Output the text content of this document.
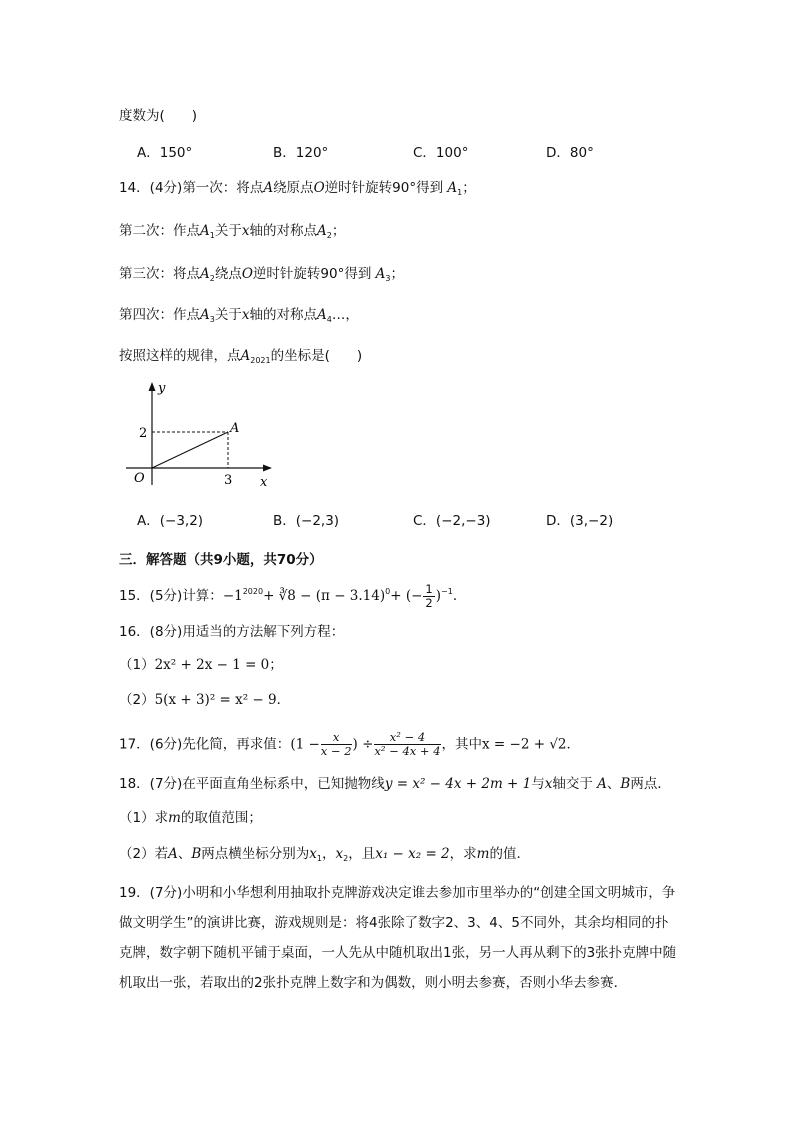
度数为(　　)
A．150°	B．120°	C．100°	D．80°
14．(4分)第一次：将点A绕原点O逆时针旋转90°得到 $A_1$；
第二次：作点$A_1$关于x轴的对称点$A_2$；
第三次：将点$A_2$绕点O逆时针旋转90°得到 $A_3$；
第四次：作点$A_3$关于x轴的对称点$A_4\dots$，
按照这样的规律，点$A_{2021}$的坐标是(　　)
y
x
O
A
2
3
A．(−3,2)	B．(−2,3)	C．(−2,−3)	D．(3,−2)
三．解答题（共9小题，共70分）
15．(5分)计算：$-1^{2020}+$ ∛8 − $(\pi - 3.14)^0+$ (− $\frac{1}{2} )^{-1}$．
16．(8分)用适当的方法解下列方程：
（1）2x² + 2x − 1 = 0；
（2）5(x + 3)² = x² − 9．
17．(6分)先化简，再求值：($1 - \frac{x}{x - 2}$ ) ÷ $\frac{\text{x² − 4}}{\text{x² − 4x + 4}}$ ，其中x = −2 + √2．
18．(7分)在平面直角坐标系中，已知抛物线y = x² − 4x + 2m + 1与x轴交于 A、B两点．
（1）求m的取值范围；
（2）若A、B两点横坐标分别为$x_1$，$x_2$，且x₁ − x₂ = 2，求m的值．
19．(7分)小明和小华想利用抽取扑克牌游戏决定谁去参加市里举办的“创建全国文明城市，争做文明学生”的演讲比赛，游戏规则是：将4张除了数字2、3、4、5不同外，其余均相同的扑克牌，数字朝下随机平铺于桌面，一人先从中随机取出1张，另一人再从剩下的3张扑克牌中随机取出一张，若取出的2张扑克牌上数字和为偶数，则小明去参赛，否则小华去参赛．
